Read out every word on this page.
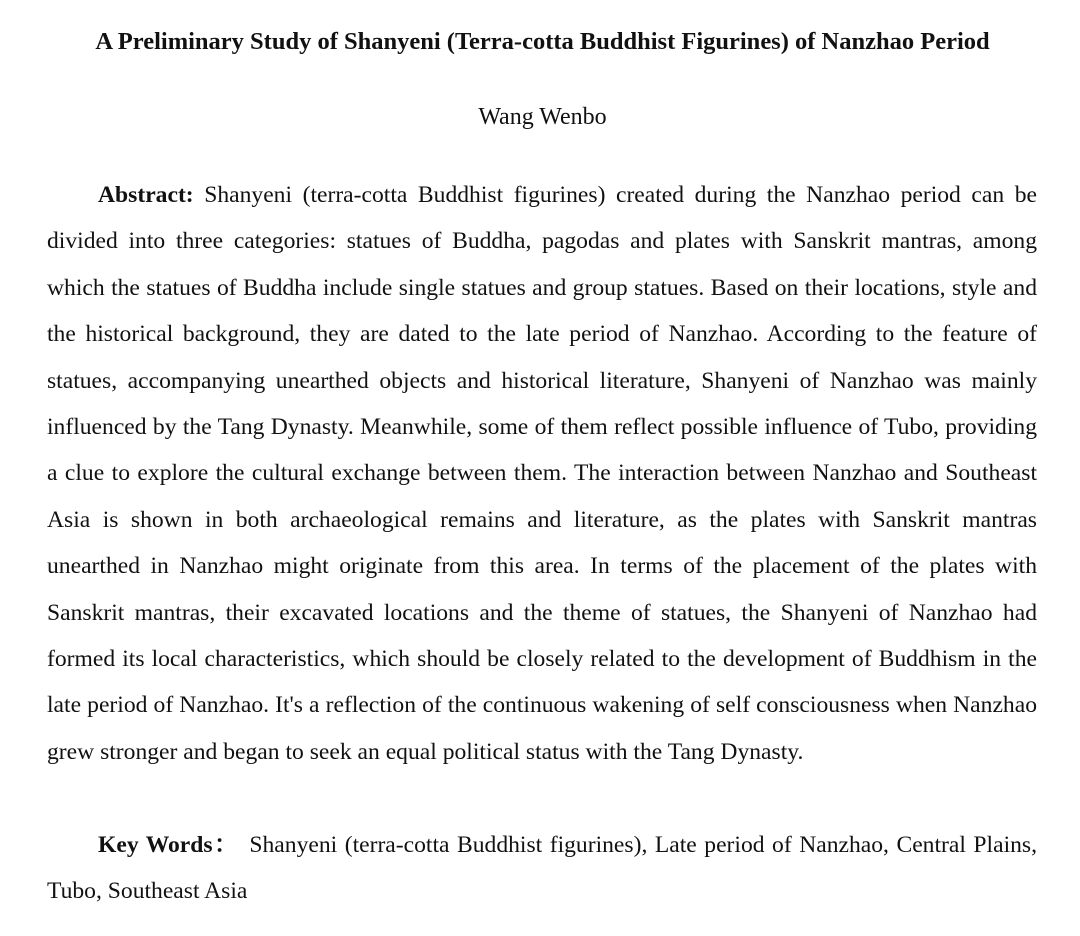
A Preliminary Study of Shanyeni (Terra-cotta Buddhist Figurines) of Nanzhao Period
Wang Wenbo

Abstract: Shanyeni (terra-cotta Buddhist figurines) created during the Nanzhao period can be divided into three categories: statues of Buddha, pagodas and plates with Sanskrit mantras, among which the statues of Buddha include single statues and group statues. Based on their locations, style and the historical background, they are dated to the late period of Nanzhao. According to the feature of statues, accompanying unearthed objects and historical literature, Shanyeni of Nanzhao was mainly influenced by the Tang Dynasty. Meanwhile, some of them reflect possible influence of Tubo, providing a clue to explore the cultural exchange between them. The interaction between Nanzhao and Southeast Asia is shown in both archaeological remains and literature, as the plates with Sanskrit mantras unearthed in Nanzhao might originate from this area. In terms of the placement of the plates with Sanskrit mantras, their excavated locations and the theme of statues, the Shanyeni of Nanzhao had formed its local characteristics, which should be closely related to the development of Buddhism in the late period of Nanzhao. It's a reflection of the continuous wakening of self consciousness when Nanzhao grew stronger and began to seek an equal political status with the Tang Dynasty.

Key Words： Shanyeni (terra-cotta Buddhist figurines), Late period of Nanzhao, Central Plains, Tubo, Southeast Asia
